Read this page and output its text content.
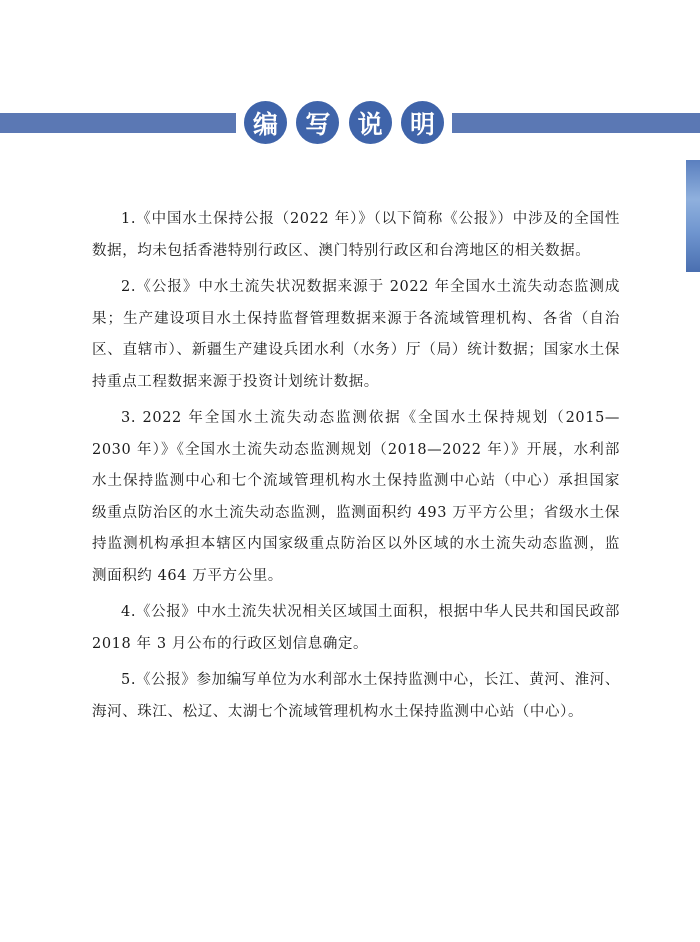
编	写	说	明

1.《中国水土保持公报（2022 年）》（以下简称《公报》）中涉及的全国性数据，均未包括香港特别行政区、澳门特别行政区和台湾地区的相关数据。

2.《公报》中水土流失状况数据来源于 2022 年全国水土流失动态监测成果；生产建设项目水土保持监督管理数据来源于各流域管理机构、各省（自治区、直辖市）、新疆生产建设兵团水利（水务）厅（局）统计数据；国家水土保持重点工程数据来源于投资计划统计数据。

3. 2022 年全国水土流失动态监测依据《全国水土保持规划（2015—2030 年）》《全国水土流失动态监测规划（2018—2022 年）》开展，水利部水土保持监测中心和七个流域管理机构水土保持监测中心站（中心）承担国家级重点防治区的水土流失动态监测，监测面积约 493 万平方公里；省级水土保持监测机构承担本辖区内国家级重点防治区以外区域的水土流失动态监测，监测面积约 464 万平方公里。

4.《公报》中水土流失状况相关区域国土面积，根据中华人民共和国民政部 2018 年 3 月公布的行政区划信息确定。

5.《公报》参加编写单位为水利部水土保持监测中心，长江、黄河、淮河、海河、珠江、松辽、太湖七个流域管理机构水土保持监测中心站（中心）。
